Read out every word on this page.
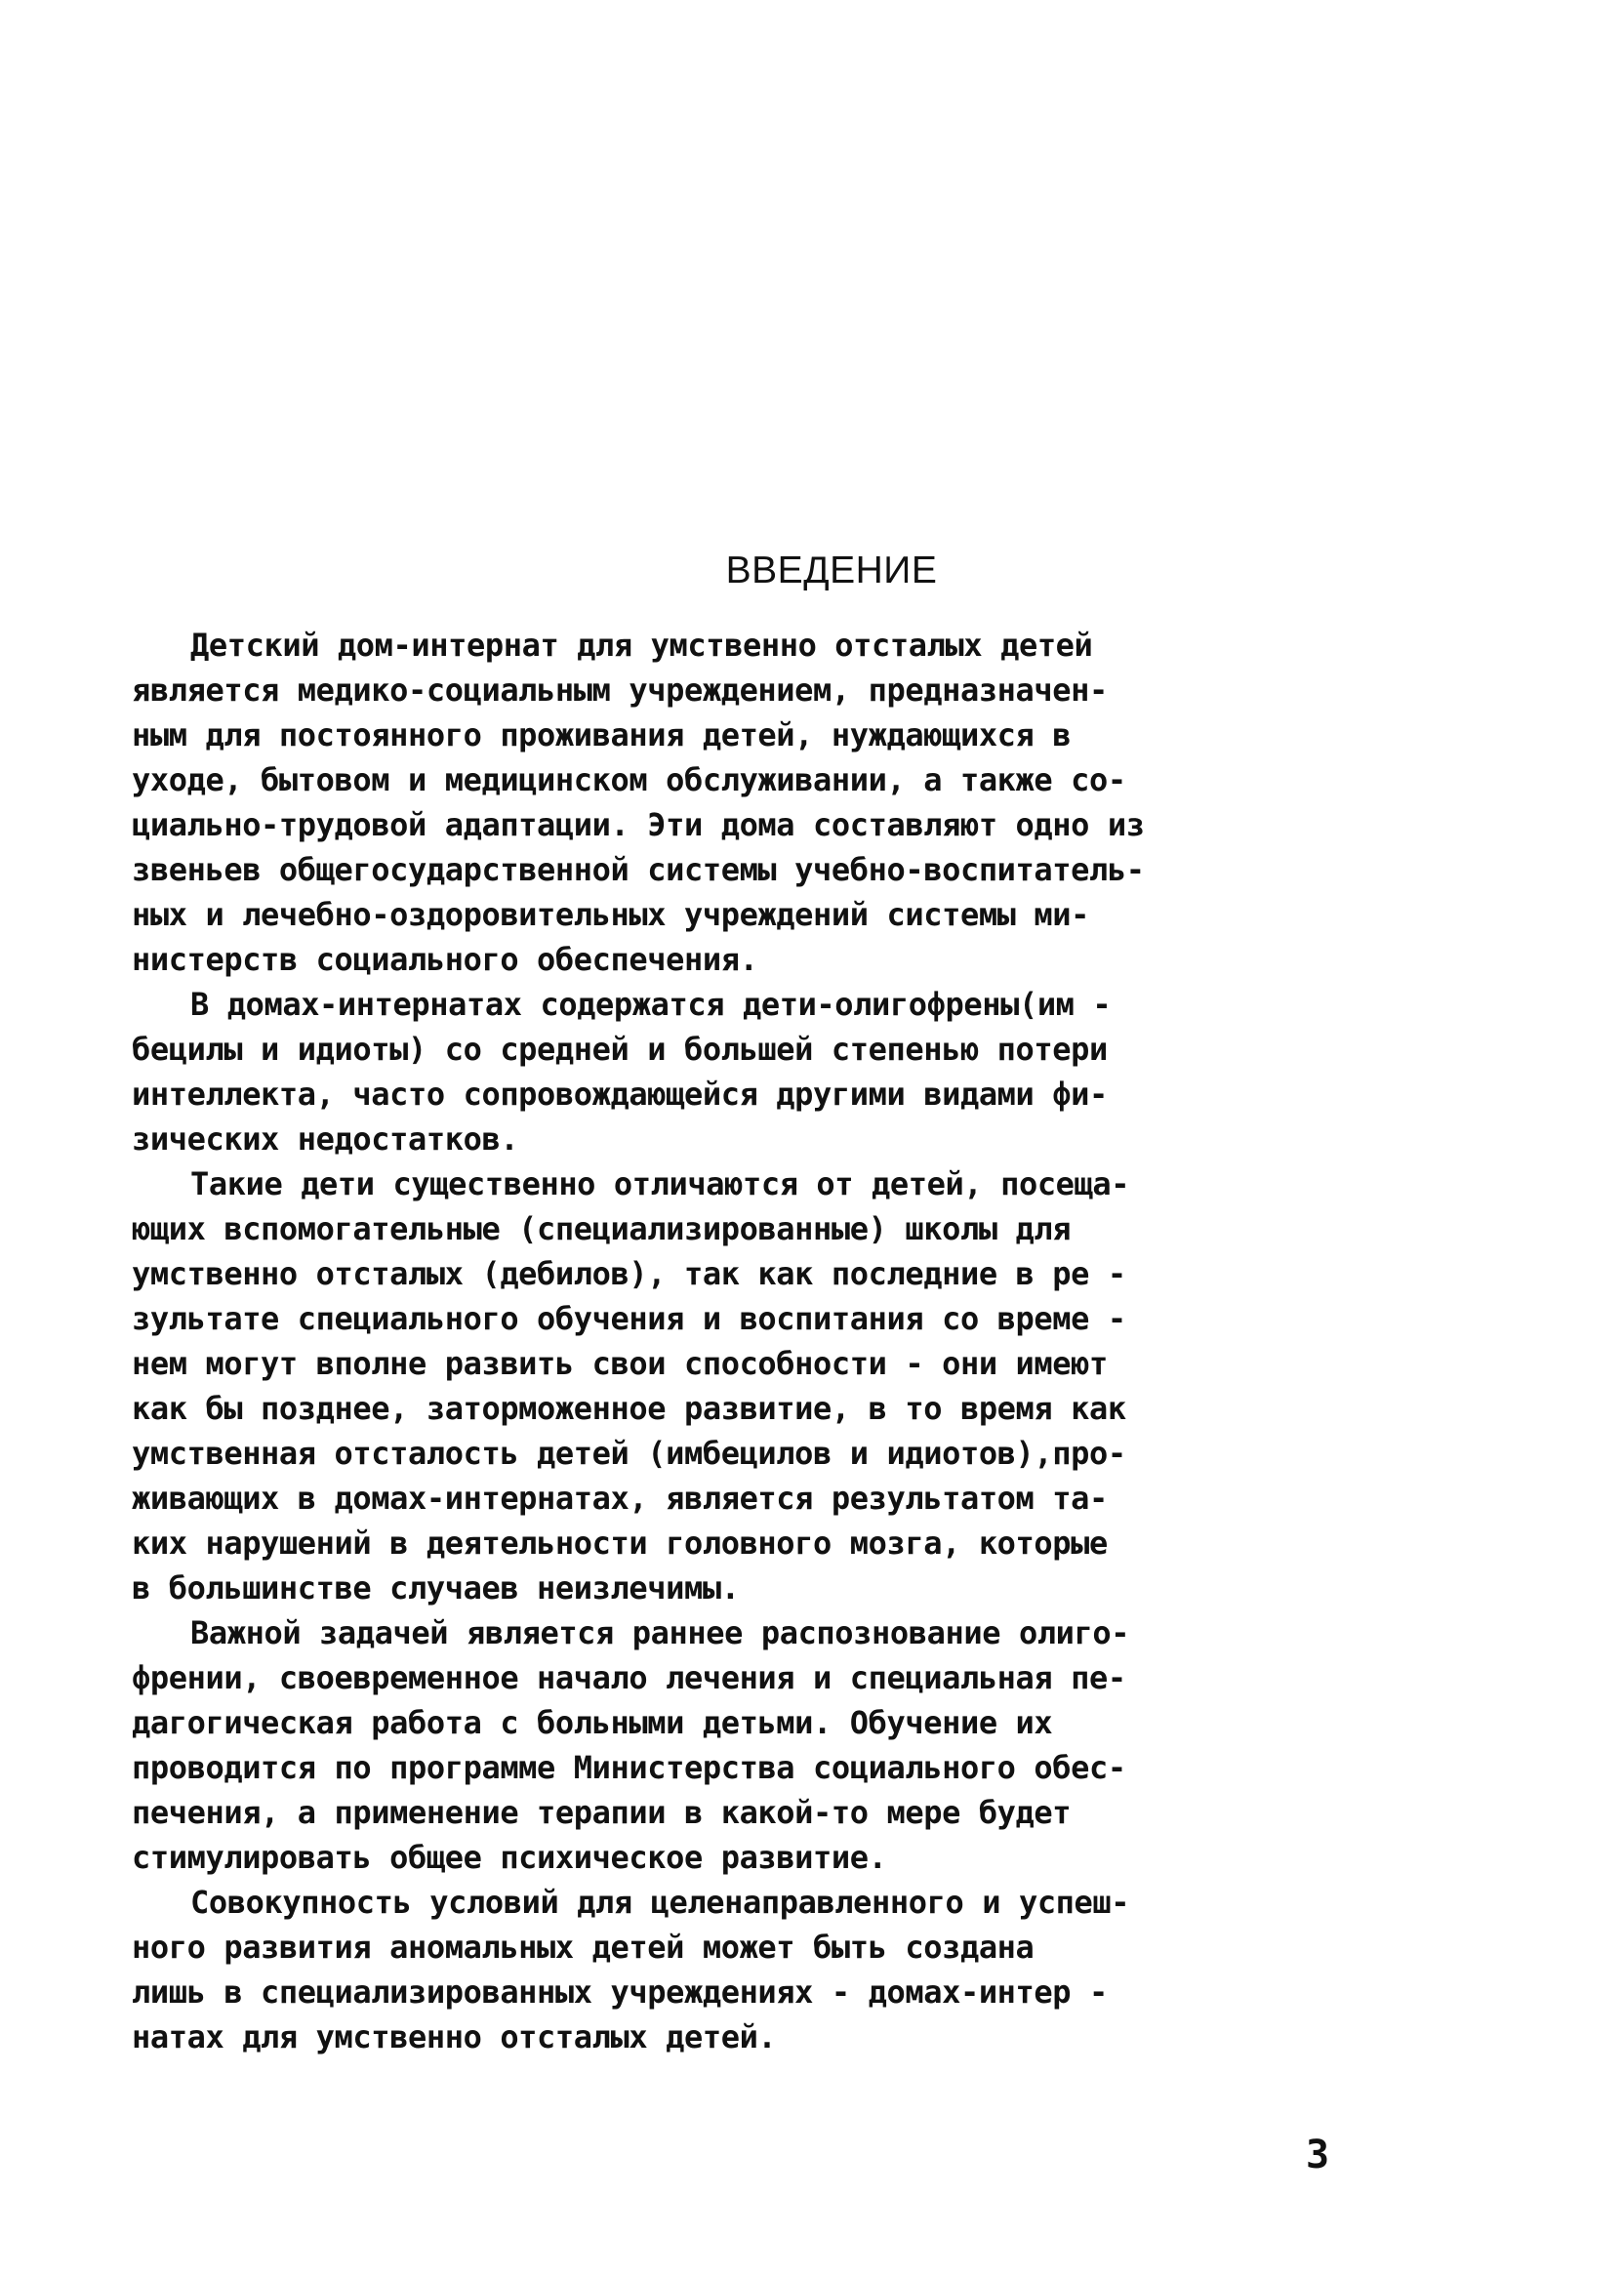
ВВЕДЕНИЕ
Детский дом-интернат для умственно отсталых детей
является медико-социальным учреждением, предназначен-
ным для постоянного проживания детей, нуждающихся в
уходе, бытовом и медицинском обслуживании, а также со-
циально-трудовой адаптации. Эти дома составляют одно из
звеньев общегосударственной системы учебно-воспитатель-
ных и лечебно-оздоровительных учреждений системы ми-
нистерств социального обеспечения.
В домах-интернатах содержатся дети-олигофрены(им -
бецилы и идиоты) со средней и большей степенью потери
интеллекта, часто сопровождающейся другими видами фи-
зических недостатков.
Такие дети существенно отличаются от детей, посеща-
ющих вспомогательные (специализированные) школы для
умственно отсталых (дебилов), так как последние в ре -
зультате специального обучения и воспитания со време -
нем могут вполне развить свои способности - они имеют
как бы позднее, заторможенное развитие, в то время как
умственная отсталость детей (имбецилов и идиотов),про-
живающих в домах-интернатах, является результатом та-
ких нарушений в деятельности головного мозга, которые
в большинстве случаев неизлечимы.
Важной задачей является раннее распознование олиго-
френии, своевременное начало лечения и специальная пе-
дагогическая работа с больными детьми. Обучение их
проводится по программе Министерства социального обес-
печения, а применение терапии в какой-то мере будет
стимулировать общее психическое развитие.
Совокупность условий для целенаправленного и успеш-
ного развития аномальных детей может быть создана
лишь в специализированных учреждениях - домах-интер -
натах для умственно отсталых детей.

3
